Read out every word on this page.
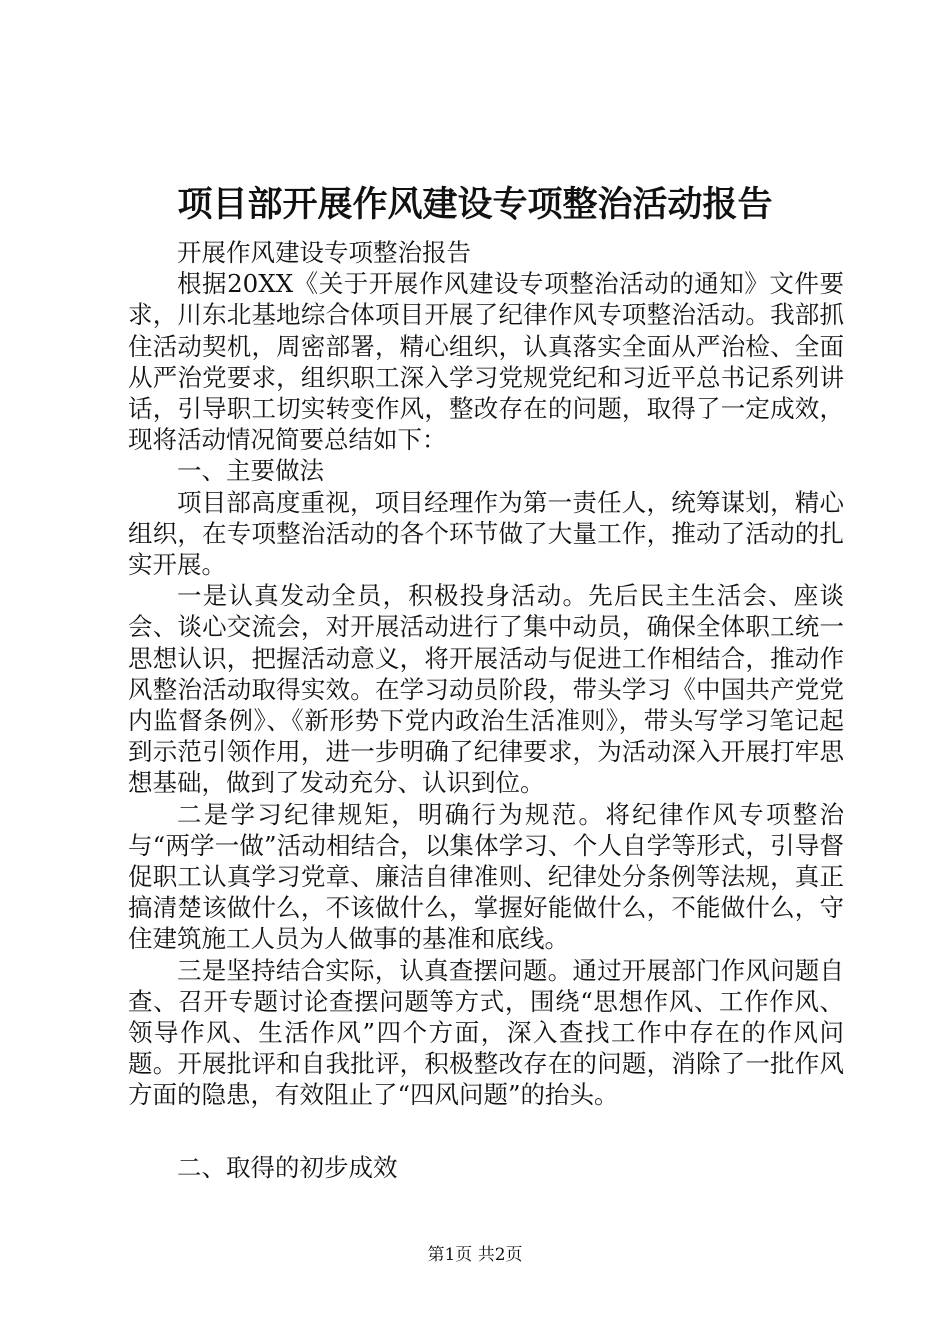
项目部开展作风建设专项整治活动报告

开展作风建设专项整治报告

根据20XX《关于开展作风建设专项整治活动的通知》文件要求，川东北基地综合体项目开展了纪律作风专项整治活动。我部抓住活动契机，周密部署，精心组织，认真落实全面从严治检、全面从严治党要求，组织职工深入学习党规党纪和习近平总书记系列讲话，引导职工切实转变作风，整改存在的问题，取得了一定成效，现将活动情况简要总结如下：

一、主要做法

项目部高度重视，项目经理作为第一责任人，统筹谋划，精心组织，在专项整治活动的各个环节做了大量工作，推动了活动的扎实开展。

一是认真发动全员，积极投身活动。先后民主生活会、座谈会、谈心交流会，对开展活动进行了集中动员，确保全体职工统一思想认识，把握活动意义，将开展活动与促进工作相结合，推动作风整治活动取得实效。在学习动员阶段，带头学习《中国共产党党内监督条例》、《新形势下党内政治生活准则》，带头写学习笔记起到示范引领作用，进一步明确了纪律要求，为活动深入开展打牢思想基础，做到了发动充分、认识到位。

二是学习纪律规矩，明确行为规范。将纪律作风专项整治与“两学一做”活动相结合，以集体学习、个人自学等形式，引导督促职工认真学习党章、廉洁自律准则、纪律处分条例等法规，真正搞清楚该做什么，不该做什么，掌握好能做什么，不能做什么，守住建筑施工人员为人做事的基准和底线。

三是坚持结合实际，认真查摆问题。通过开展部门作风问题自查、召开专题讨论查摆问题等方式，围绕“思想作风、工作作风、领导作风、生活作风”四个方面，深入查找工作中存在的作风问题。开展批评和自我批评，积极整改存在的问题，消除了一批作风方面的隐患，有效阻止了“四风问题”的抬头。

二、取得的初步成效

第1页 共2页
